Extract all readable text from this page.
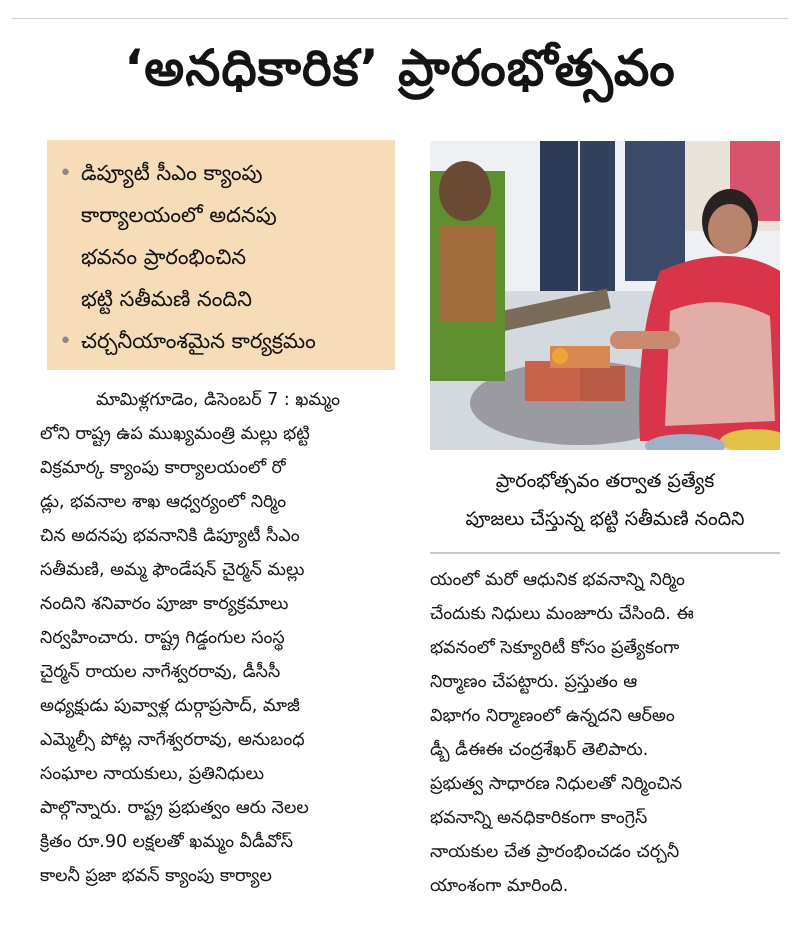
‘అనధికారిక’ ప్రారంభోత్సవం
• డిప్యూటీ సీఎం క్యాంపు
కార్యాలయంలో అదనపు
భవనం ప్రారంభించిన
భట్టి సతీమణి నందిని
• చర్చనీయాంశమైన కార్యక్రమం
ప్రారంభోత్సవం తర్వాత ప్రత్యేక
పూజలు చేస్తున్న భట్టి సతీమణి నందిని
మామిళ్లగూడెం, డిసెంబర్ 7 : ఖమ్మం
లోని రాష్ట్ర ఉప ముఖ్యమంత్రి మల్లు భట్టి
విక్రమార్క క్యాంపు కార్యాలయంలో రో
డ్లు, భవనాల శాఖ ఆధ్వర్యంలో నిర్మిం
చిన అదనపు భవనానికి డిప్యూటీ సీఎం
సతీమణి, అమ్మ ఫౌండేషన్ చైర్మన్ మల్లు
నందిని శనివారం పూజా కార్యక్రమాలు
నిర్వహించారు. రాష్ట్ర గిడ్డంగుల సంస్థ
చైర్మన్ రాయల నాగేశ్వరరావు, డీసీసీ
అధ్యక్షుడు పువ్వాళ్ల దుర్గాప్రసాద్, మాజీ
ఎమ్మెల్సీ పోట్ల నాగేశ్వరరావు, అనుబంధ
సంఘాల నాయకులు, ప్రతినిధులు
పాల్గొన్నారు. రాష్ట్ర ప్రభుత్వం ఆరు నెలల
క్రితం రూ.90 లక్షలతో ఖమ్మం వీడీవోస్
కాలనీ ప్రజా భవన్ క్యాంపు కార్యాల
యంలో మరో ఆధునిక భవనాన్ని నిర్మిం
చేందుకు నిధులు మంజూరు చేసింది. ఈ
భవనంలో సెక్యూరిటీ కోసం ప్రత్యేకంగా
నిర్మాణం చేపట్టారు. ప్రస్తుతం ఆ
విభాగం నిర్మాణంలో ఉన్నదని ఆర్అం
డ్బీ డీఈఈ చంద్రశేఖర్ తెలిపారు.
ప్రభుత్వ సాధారణ నిధులతో నిర్మించిన
భవనాన్ని అనధికారికంగా కాంగ్రెస్
నాయకుల చేత ప్రారంభించడం చర్చనీ
యాంశంగా మారింది.
